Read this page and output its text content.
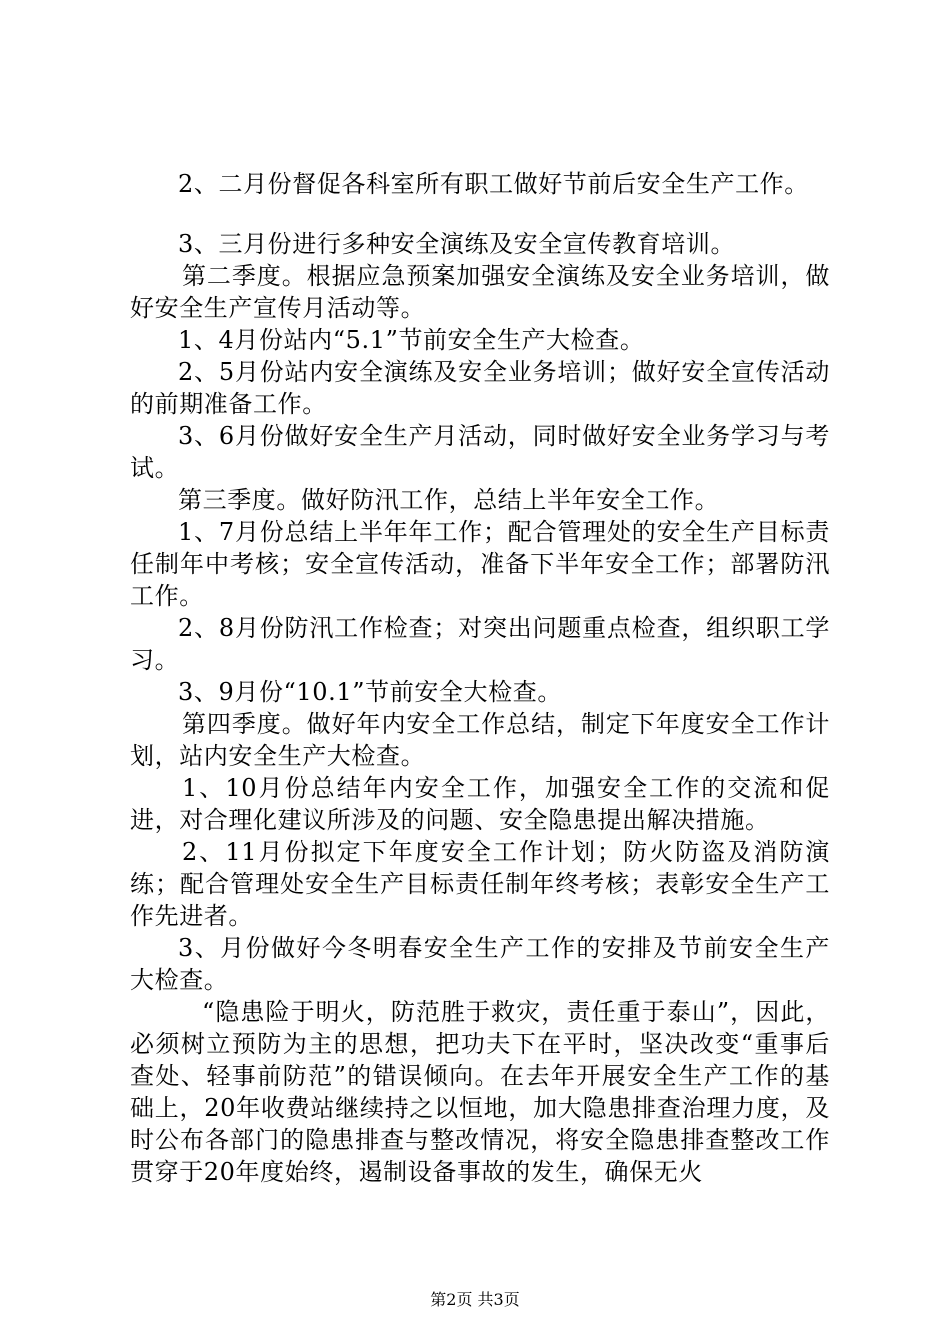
2、二月份督促各科室所有职工做好节前后安全生产工作。

3、三月份进行多种安全演练及安全宣传教育培训。

第二季度。根据应急预案加强安全演练及安全业务培训，做好安全生产宣传月活动等。

1、4月份站内“5.1”节前安全生产大检查。

2、5月份站内安全演练及安全业务培训；做好安全宣传活动的前期准备工作。

3、6月份做好安全生产月活动，同时做好安全业务学习与考试。

第三季度。做好防汛工作，总结上半年安全工作。

1、7月份总结上半年年工作；配合管理处的安全生产目标责任制年中考核；安全宣传活动，准备下半年安全工作；部署防汛工作。

2、8月份防汛工作检查；对突出问题重点检查，组织职工学习。

3、9月份“10.1”节前安全大检查。

第四季度。做好年内安全工作总结，制定下年度安全工作计划，站内安全生产大检查。

1、10月份总结年内安全工作，加强安全工作的交流和促进，对合理化建议所涉及的问题、安全隐患提出解决措施。

2、11月份拟定下年度安全工作计划；防火防盗及消防演练；配合管理处安全生产目标责任制年终考核；表彰安全生产工作先进者。

3、月份做好今冬明春安全生产工作的安排及节前安全生产大检查。

“隐患险于明火，防范胜于救灾，责任重于泰山”，因此，必须树立预防为主的思想，把功夫下在平时，坚决改变“重事后查处、轻事前防范”的错误倾向。在去年开展安全生产工作的基础上，20年收费站继续持之以恒地，加大隐患排查治理力度，及时公布各部门的隐患排查与整改情况，将安全隐患排查整改工作贯穿于20年度始终，遏制设备事故的发生，确保无火

第2页 共3页
